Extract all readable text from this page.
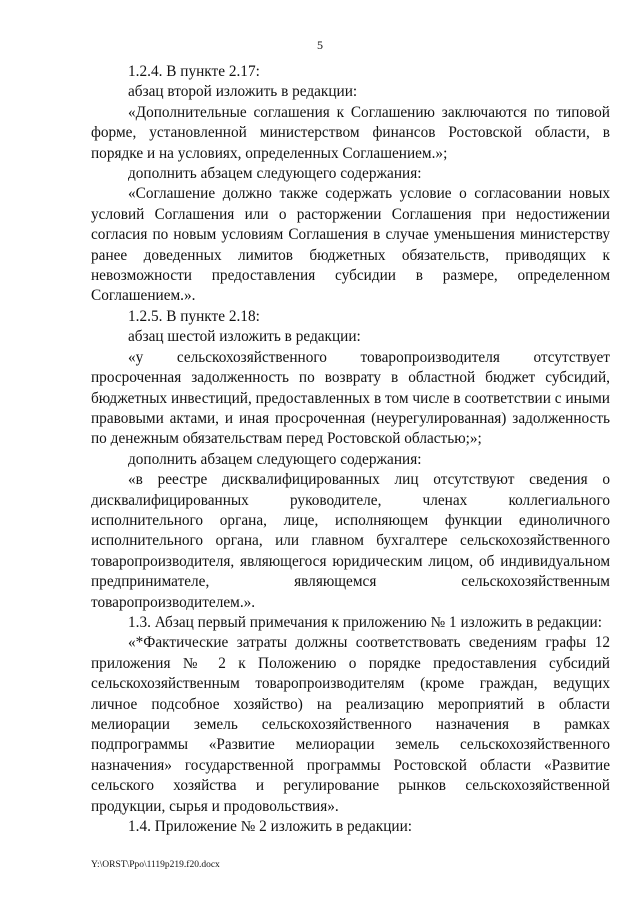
5

1.2.4. В пункте 2.17:

абзац второй изложить в редакции:

«Дополнительные соглашения к Соглашению заключаются по типовой форме, установленной министерством финансов Ростовской области, в порядке и на условиях, определенных Соглашением.»;

дополнить абзацем следующего содержания:

«Соглашение должно также содержать условие о согласовании новых условий Соглашения или о расторжении Соглашения при недостижении согласия по новым условиям Соглашения в случае уменьшения министерству ранее доведенных лимитов бюджетных обязательств, приводящих к невозможности предоставления субсидии в размере, определенном Соглашением.».

1.2.5. В пункте 2.18:

абзац шестой изложить в редакции:

«у сельскохозяйственного товаропроизводителя отсутствует просроченная задолженность по возврату в областной бюджет субсидий, бюджетных инвестиций, предоставленных в том числе в соответствии с иными правовыми актами, и иная просроченная (неурегулированная) задолженность по денежным обязательствам перед Ростовской областью;»;

дополнить абзацем следующего содержания:

«в реестре дисквалифицированных лиц отсутствуют сведения о дисквалифицированных руководителе, членах коллегиального исполнительного органа, лице, исполняющем функции единоличного исполнительного органа, или главном бухгалтере сельскохозяйственного товаропроизводителя, являющегося юридическим лицом, об индивидуальном предпринимателе, являющемся сельскохозяйственным товаропроизводителем.».

1.3. Абзац первый примечания к приложению № 1 изложить в редакции:

«*Фактические затраты должны соответствовать сведениям графы 12 приложения № 2 к Положению о порядке предоставления субсидий сельскохозяйственным товаропроизводителям (кроме граждан, ведущих личное подсобное хозяйство) на реализацию мероприятий в области мелиорации земель сельскохозяйственного назначения в рамках подпрограммы «Развитие мелиорации земель сельскохозяйственного назначения» государственной программы Ростовской области «Развитие сельского хозяйства и регулирование рынков сельскохозяйственной продукции, сырья и продовольствия».

1.4. Приложение № 2 изложить в редакции:

Y:\ORST\Ppo\1119p219.f20.docx
